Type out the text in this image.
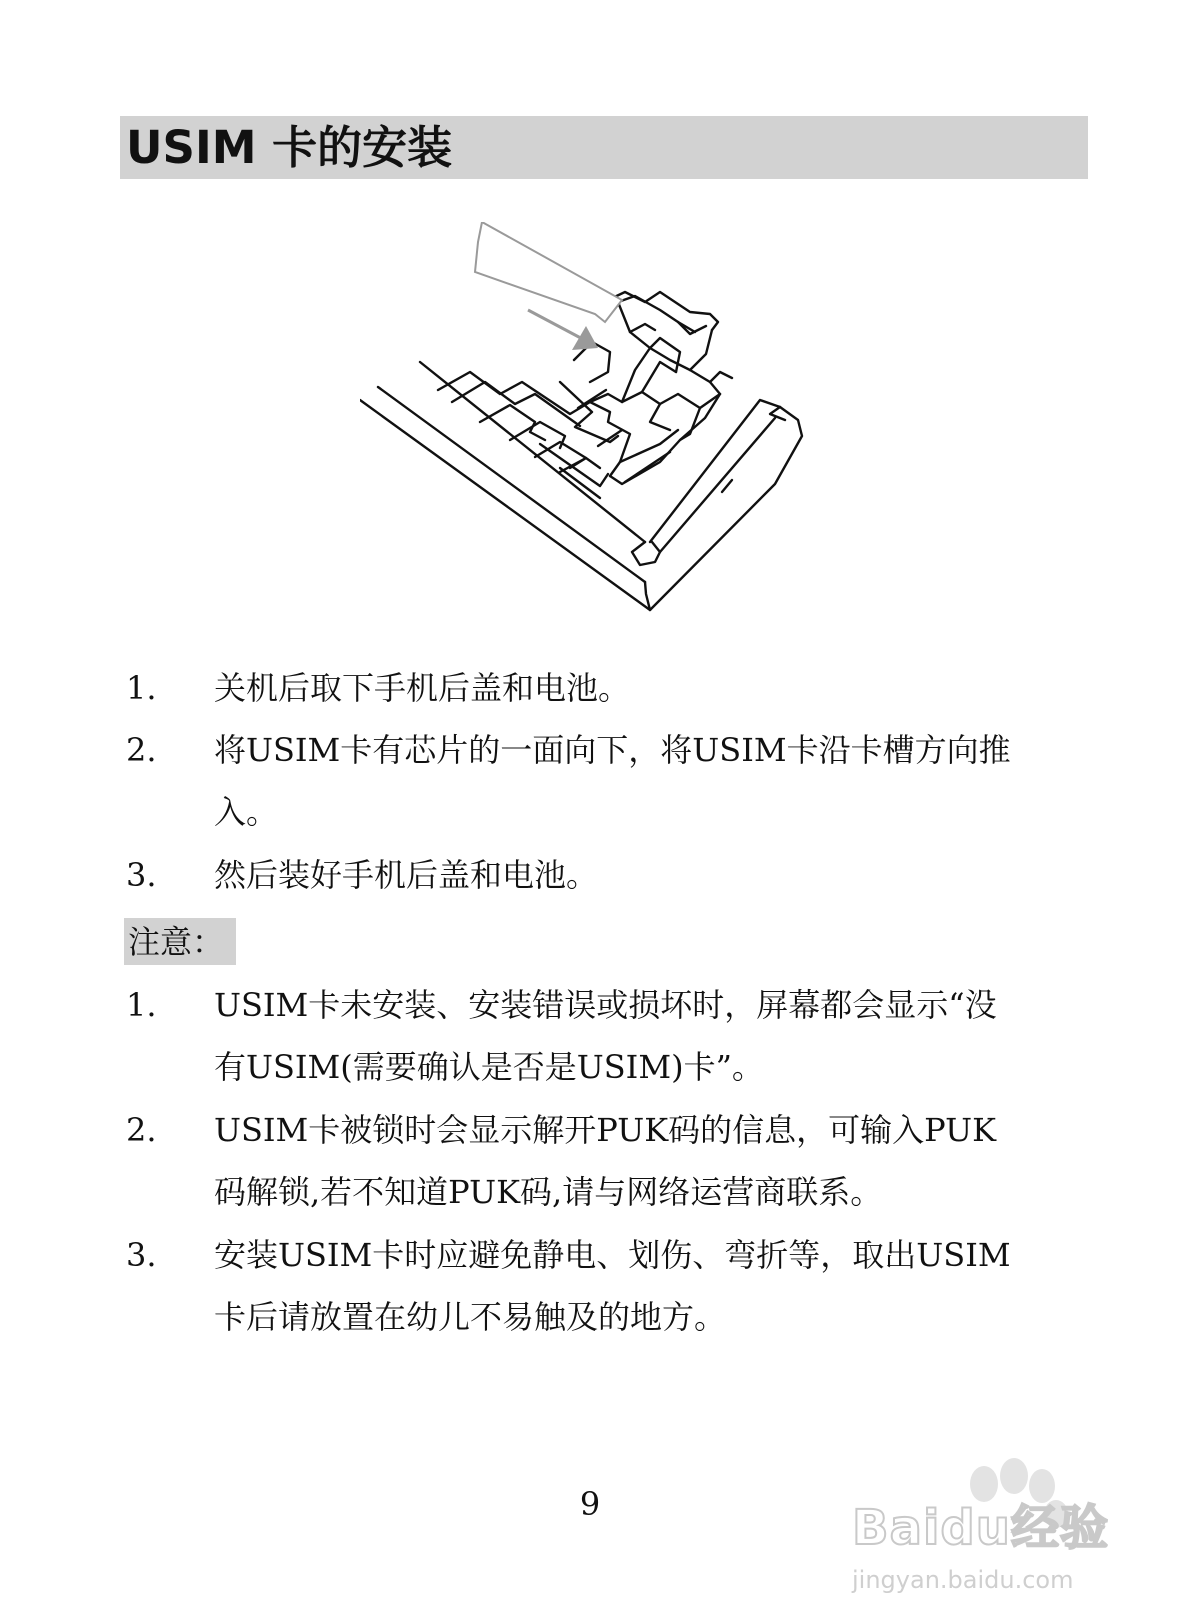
USIM 卡的安装
1. 关机后取下手机后盖和电池。
2. 将USIM卡有芯片的一面向下，将USIM卡沿卡槽方向推
入。
3. 然后装好手机后盖和电池。
注意：
1. USIM卡未安装、安装错误或损坏时，屏幕都会显示“没
有USIM(需要确认是否是USIM)卡”。
2. USIM卡被锁时会显示解开PUK码的信息，可输入PUK
码解锁,若不知道PUK码,请与网络运营商联系。
3. 安装USIM卡时应避免静电、划伤、弯折等，取出USIM
卡后请放置在幼儿不易触及的地方。
9	Baidu经验
jingyan.baidu.com
